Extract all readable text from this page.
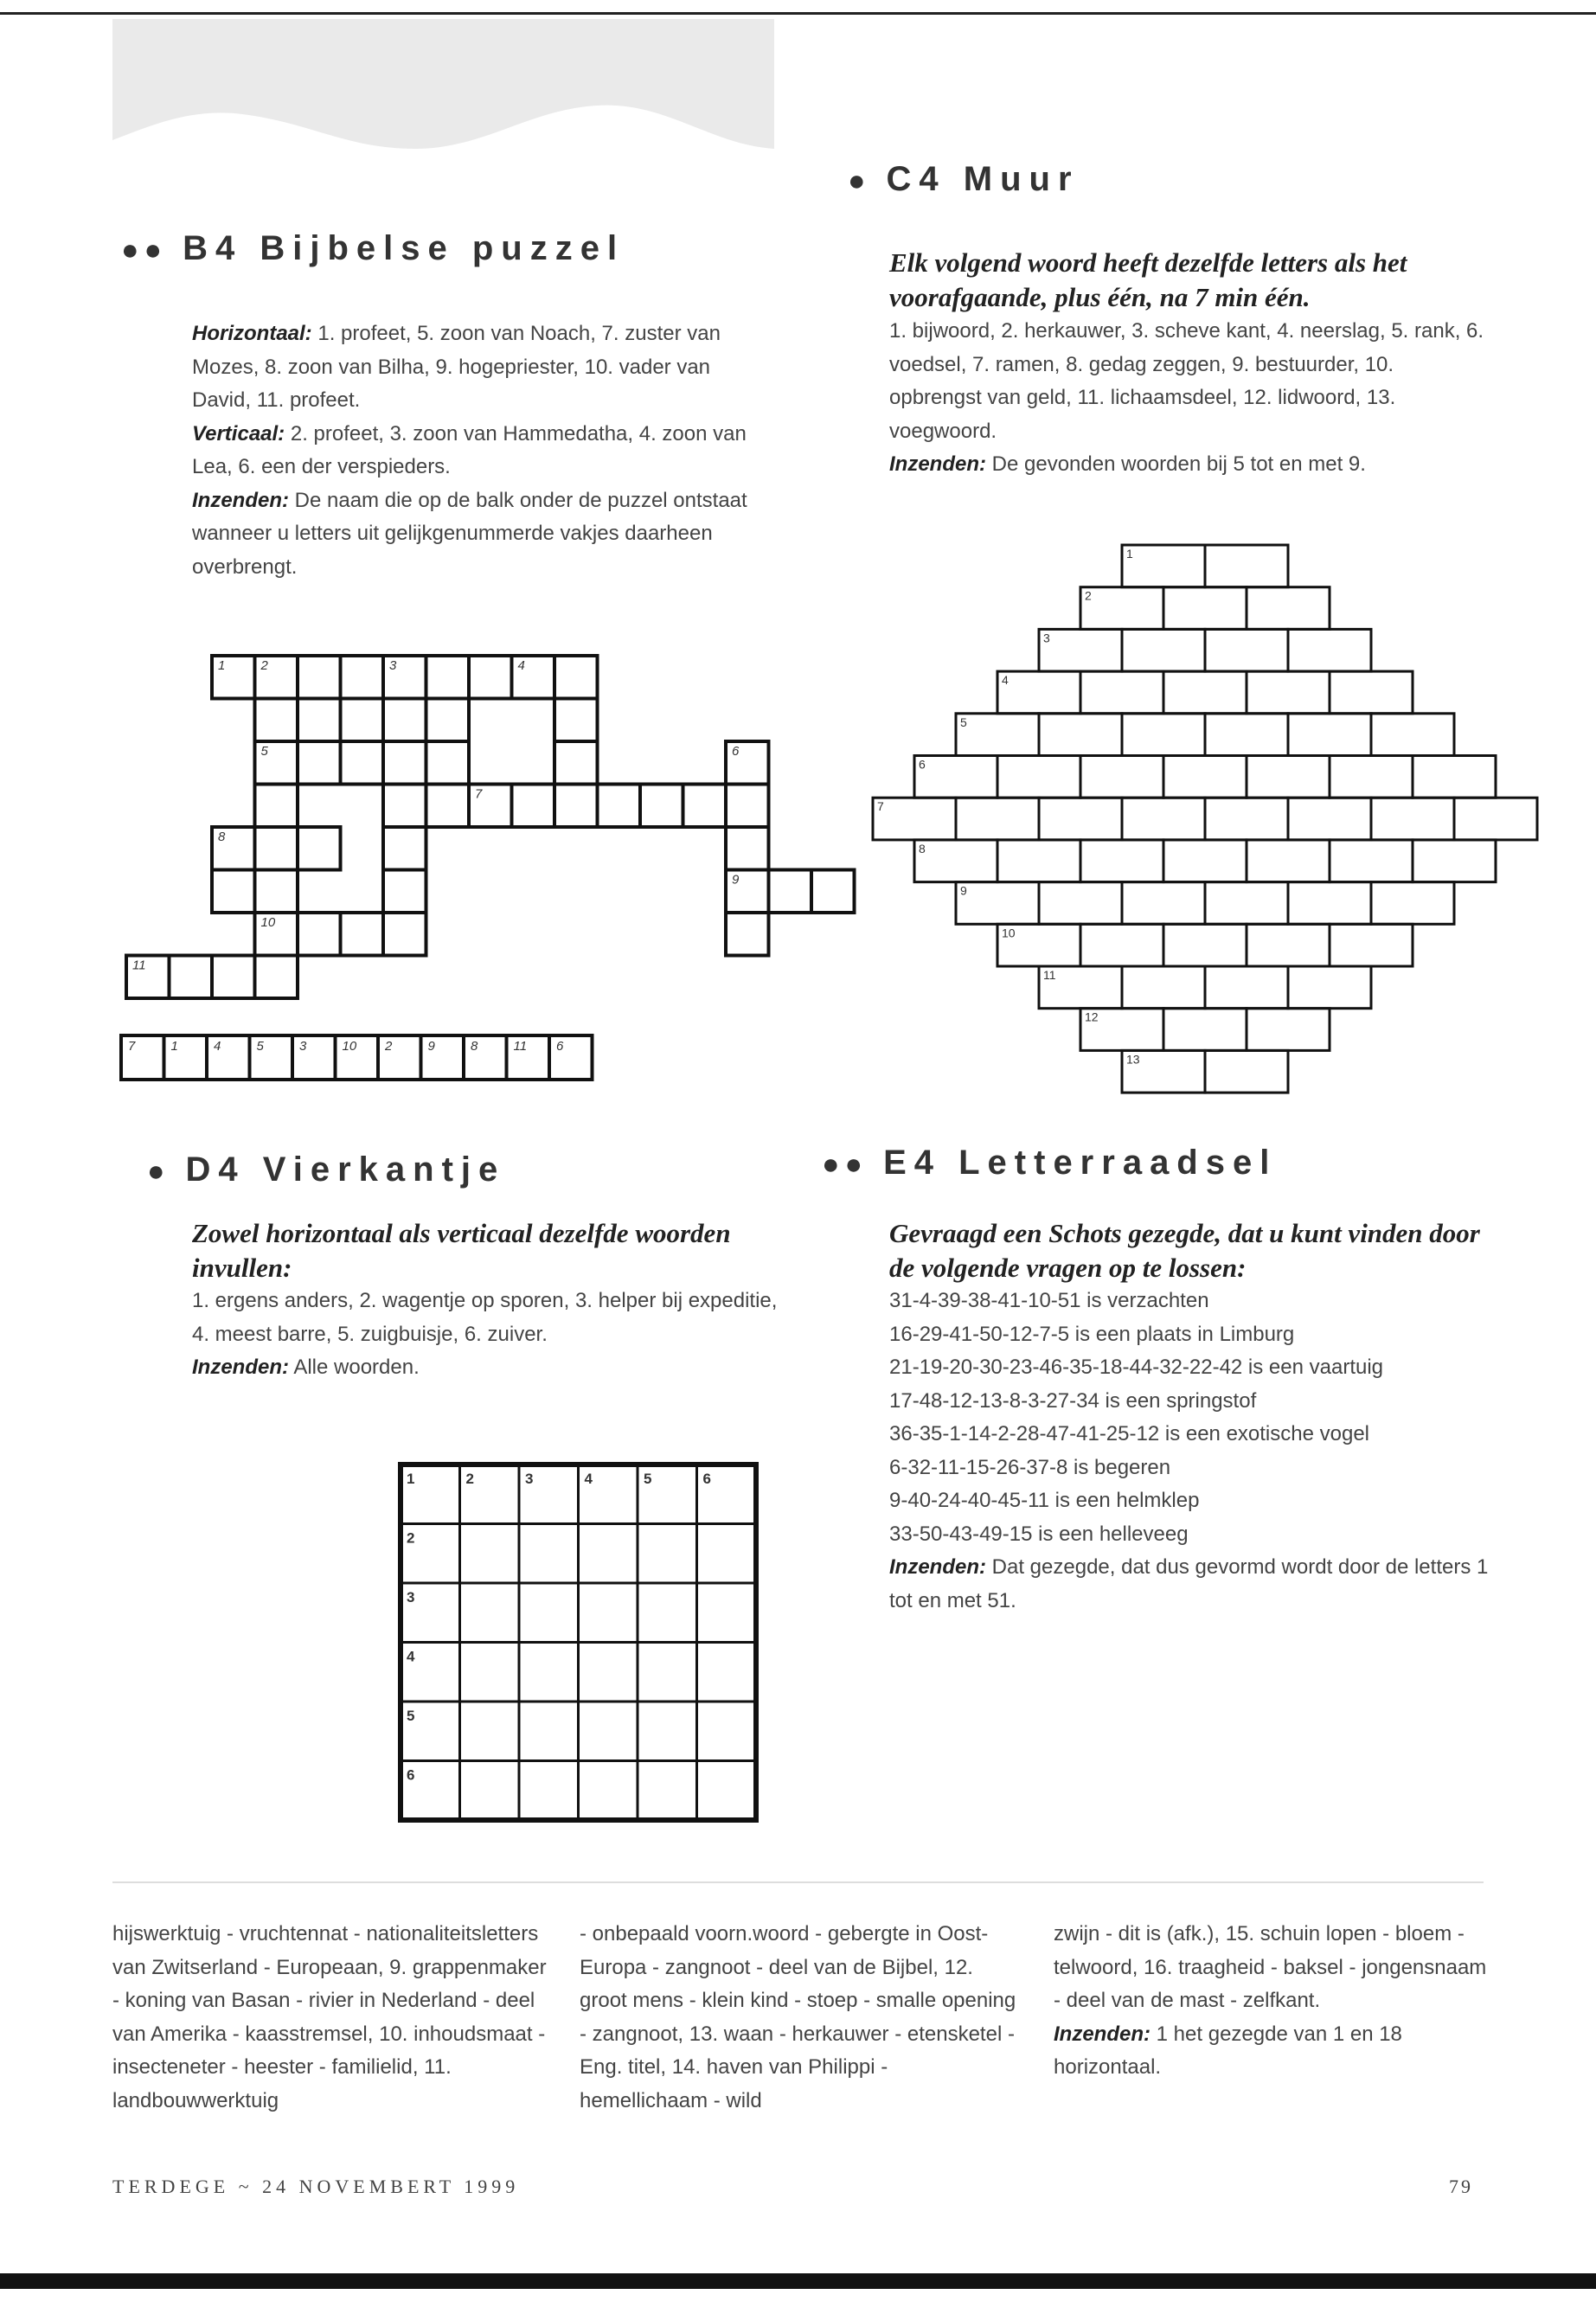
●● B4 Bijbelse puzzel
Horizontaal: 1. profeet, 5. zoon van Noach, 7. zuster van Mozes, 8. zoon van Bilha, 9. hogepriester, 10. vader van David, 11. profeet.
Verticaal: 2. profeet, 3. zoon van Hammedatha, 4. zoon van Lea, 6. een der verspieders.
Inzenden: De naam die op de balk onder de puzzel ontstaat wanneer u letters uit gelijkgenummerde vakjes daarheen overbrengt.
1	2	3	4
5	6
7
8
9
10
11
7	1	4	5	3	10 2	9	8	11 6
● C4 Muur
Elk volgend woord heeft dezelfde letters als het voorafgaande, plus één, na 7 min één.
1. bijwoord, 2. herkauwer, 3. scheve kant, 4. neerslag, 5. rank, 6. voedsel, 7. ramen, 8. gedag zeggen, 9. bestuurder, 10. opbrengst van geld, 11. lichaamsdeel, 12. lidwoord, 13. voegwoord.
Inzenden: De gevonden woorden bij 5 tot en met 9.
1
2
3
4
5
6
7
8
9
10
11
12
13
● D4 Vierkantje
Zowel horizontaal als verticaal dezelfde woorden invullen:
1. ergens anders, 2. wagentje op sporen, 3. helper bij expeditie, 4. meest barre, 5. zuigbuisje, 6. zuiver.
Inzenden: Alle woorden.
1	2	3	4	5	6
2
3
4
5
6
●● E4 Letterraadsel
Gevraagd een Schots gezegde, dat u kunt vinden door de volgende vragen op te lossen:
31-4-39-38-41-10-51 is verzachten
16-29-41-50-12-7-5 is een plaats in Limburg
21-19-20-30-23-46-35-18-44-32-22-42 is een vaartuig
17-48-12-13-8-3-27-34 is een springstof
36-35-1-14-2-28-47-41-25-12 is een exotische vogel
6-32-11-15-26-37-8 is begeren
9-40-24-40-45-11 is een helmklep
33-50-43-49-15 is een helleveeg
Inzenden: Dat gezegde, dat dus gevormd wordt door de letters 1 tot en met 51.
hijswerktuig - vruchtennat - nationaliteitsletters van Zwitserland - Europeaan, 9. grappenmaker - koning van Basan - rivier in Nederland - deel van Amerika - kaasstremsel, 10. inhoudsmaat - insecteneter - heester - familielid, 11. landbouwwerktuig
- onbepaald voorn.woord - gebergte in Oost-Europa - zangnoot - deel van de Bijbel, 12. groot mens - klein kind - stoep - smalle opening - zangnoot, 13. waan - herkauwer - etensketel - Eng. titel, 14. haven van Philippi - hemellichaam - wild
zwijn - dit is (afk.), 15. schuin lopen - bloem - telwoord, 16. traagheid - baksel - jongensnaam - deel van de mast - zelfkant.
Inzenden: 1 het gezegde van 1 en 18 horizontaal.
TERDEGE ~ 24 NOVEMBERT 1999	79
